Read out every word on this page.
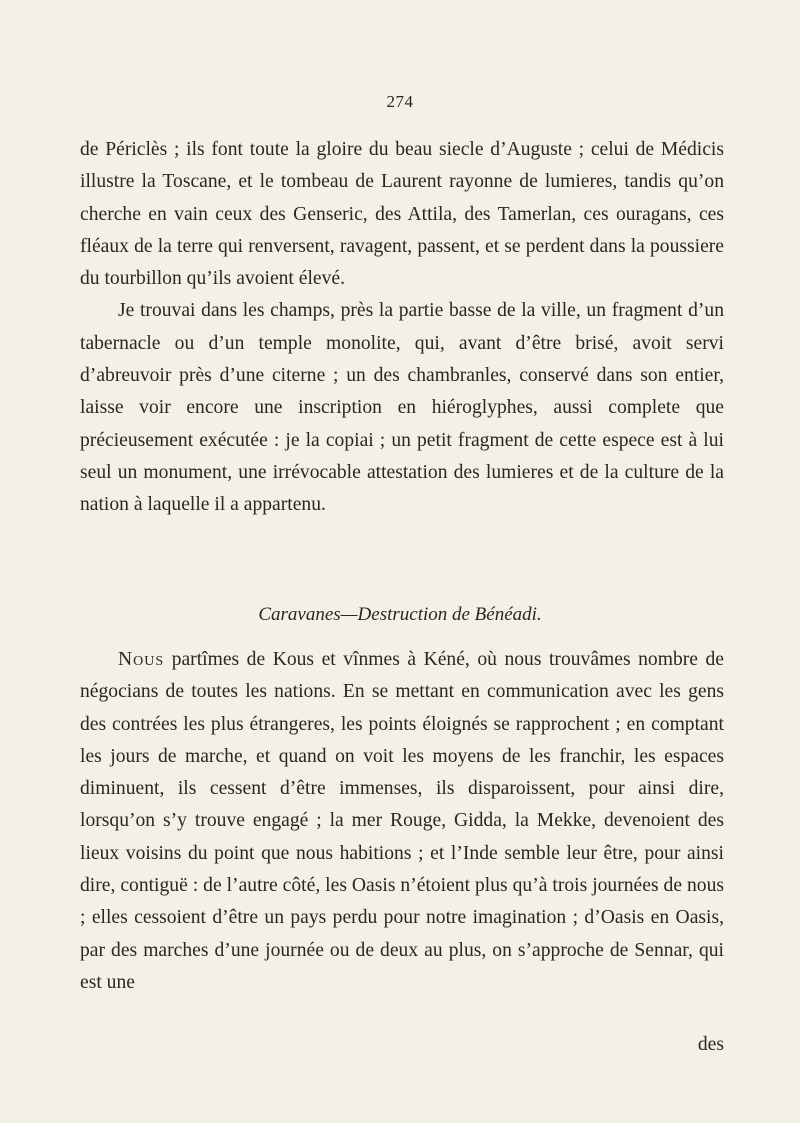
274

de Périclès ; ils font toute la gloire du beau siecle d’Auguste ; celui de Médicis illustre la Toscane, et le tombeau de Laurent rayonne de lumieres, tandis qu’on cherche en vain ceux des Genseric, des Attila, des Tamerlan, ces ouragans, ces fléaux de la terre qui renversent, ravagent, passent, et se perdent dans la poussiere du tourbillon qu’ils avoient élevé.

Je trouvai dans les champs, près la partie basse de la ville, un fragment d’un tabernacle ou d’un temple monolite, qui, avant d’être brisé, avoit servi d’abreuvoir près d’une citerne ; un des chambranles, conservé dans son entier, laisse voir encore une inscription en hiéroglyphes, aussi complete que précieusement exécutée : je la copiai ; un petit fragment de cette espece est à lui seul un monument, une irrévocable attestation des lumieres et de la culture de la nation à laquelle il a appartenu.

Caravanes—Destruction de Bénéadi.

Nous partîmes de Kous et vînmes à Kéné, où nous trouvâmes nombre de négocians de toutes les nations. En se mettant en communication avec les gens des contrées les plus étrangeres, les points éloignés se rapprochent ; en comptant les jours de marche, et quand on voit les moyens de les franchir, les espaces diminuent, ils cessent d’être immenses, ils disparoissent, pour ainsi dire, lorsqu’on s’y trouve engagé ; la mer Rouge, Gidda, la Mekke, devenoient des lieux voisins du point que nous habitions ; et l’Inde semble leur être, pour ainsi dire, contiguë : de l’autre côté, les Oasis n’étoient plus qu’à trois journées de nous ; elles cessoient d’être un pays perdu pour notre imagination ; d’Oasis en Oasis, par des marches d’une journée ou de deux au plus, on s’approche de Sennar, qui est une

des
